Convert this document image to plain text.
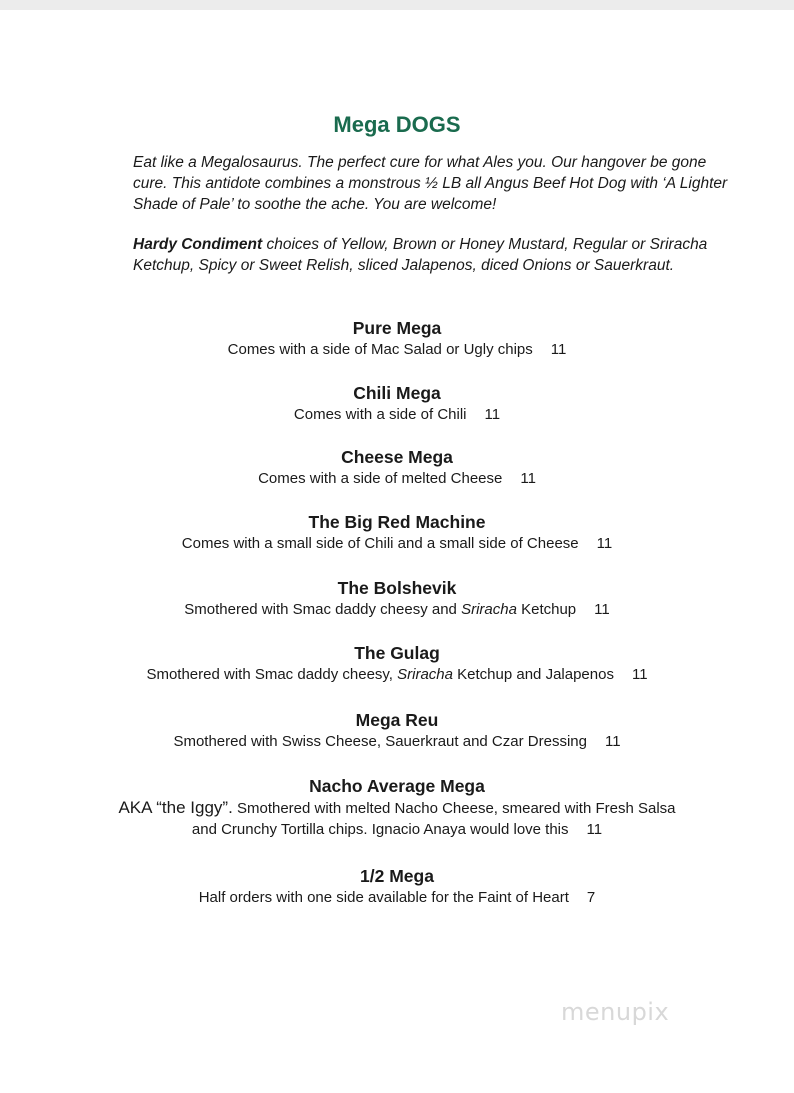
Mega DOGS

Eat like a Megalosaurus. The perfect cure for what Ales you. Our hangover be gone cure. This antidote combines a monstrous ½ LB all Angus Beef Hot Dog with ‘A Lighter Shade of Pale’ to soothe the ache. You are welcome!

Hardy Condiment choices of Yellow, Brown or Honey Mustard, Regular or Sriracha Ketchup, Spicy or Sweet Relish, sliced Jalapenos, diced Onions or Sauerkraut.

Pure Mega

Comes with a side of Mac Salad or Ugly chips 11

Chili Mega

Comes with a side of Chili 11

Cheese Mega

Comes with a side of melted Cheese 11

The Big Red Machine

Comes with a small side of Chili and a small side of Cheese 11

The Bolshevik

Smothered with Smac daddy cheesy and Sriracha Ketchup 11

The Gulag

Smothered with Smac daddy cheesy, Sriracha Ketchup and Jalapenos 11

Mega Reu

Smothered with Swiss Cheese, Sauerkraut and Czar Dressing 11

Nacho Average Mega

AKA “the Iggy”. Smothered with melted Nacho Cheese, smeared with Fresh Salsa
and Crunchy Tortilla chips. Ignacio Anaya would love this 11

1/2 Mega

Half orders with one side available for the Faint of Heart 7

menupix
